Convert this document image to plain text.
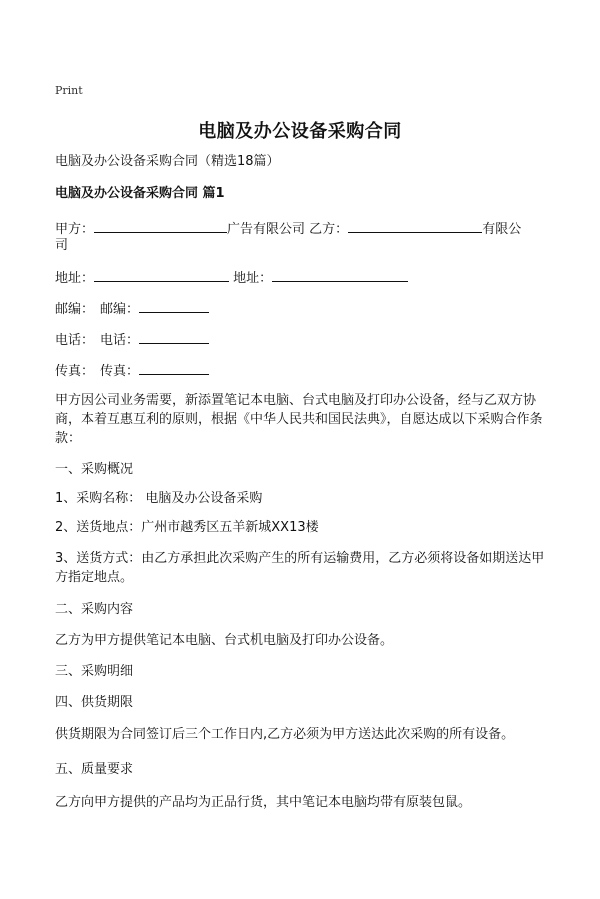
Print
电脑及办公设备采购合同
电脑及办公设备采购合同（精选18篇）
电脑及办公设备采购合同 篇1
甲方：	广告有限公司 乙方：	有限公
司
地址：	地址：
邮编： 邮编：
电话： 电话：
传真： 传真：
甲方因公司业务需要，新添置笔记本电脑、台式电脑及打印办公设备，经与乙双方协商，本着互惠互利的原则，根据《中华人民共和国民法典》，自愿达成以下采购合作条款：
一、采购概况
1、采购名称： 电脑及办公设备采购
2、送货地点：广州市越秀区五羊新城XX13楼
3、送货方式：由乙方承担此次采购产生的所有运输费用，乙方必须将设备如期送达甲方指定地点。
二、采购内容
乙方为甲方提供笔记本电脑、台式机电脑及打印办公设备。
三、采购明细
四、供货期限
供货期限为合同签订后三个工作日内,乙方必须为甲方送达此次采购的所有设备。
五、质量要求
乙方向甲方提供的产品均为正品行货，其中笔记本电脑均带有原装包鼠。
